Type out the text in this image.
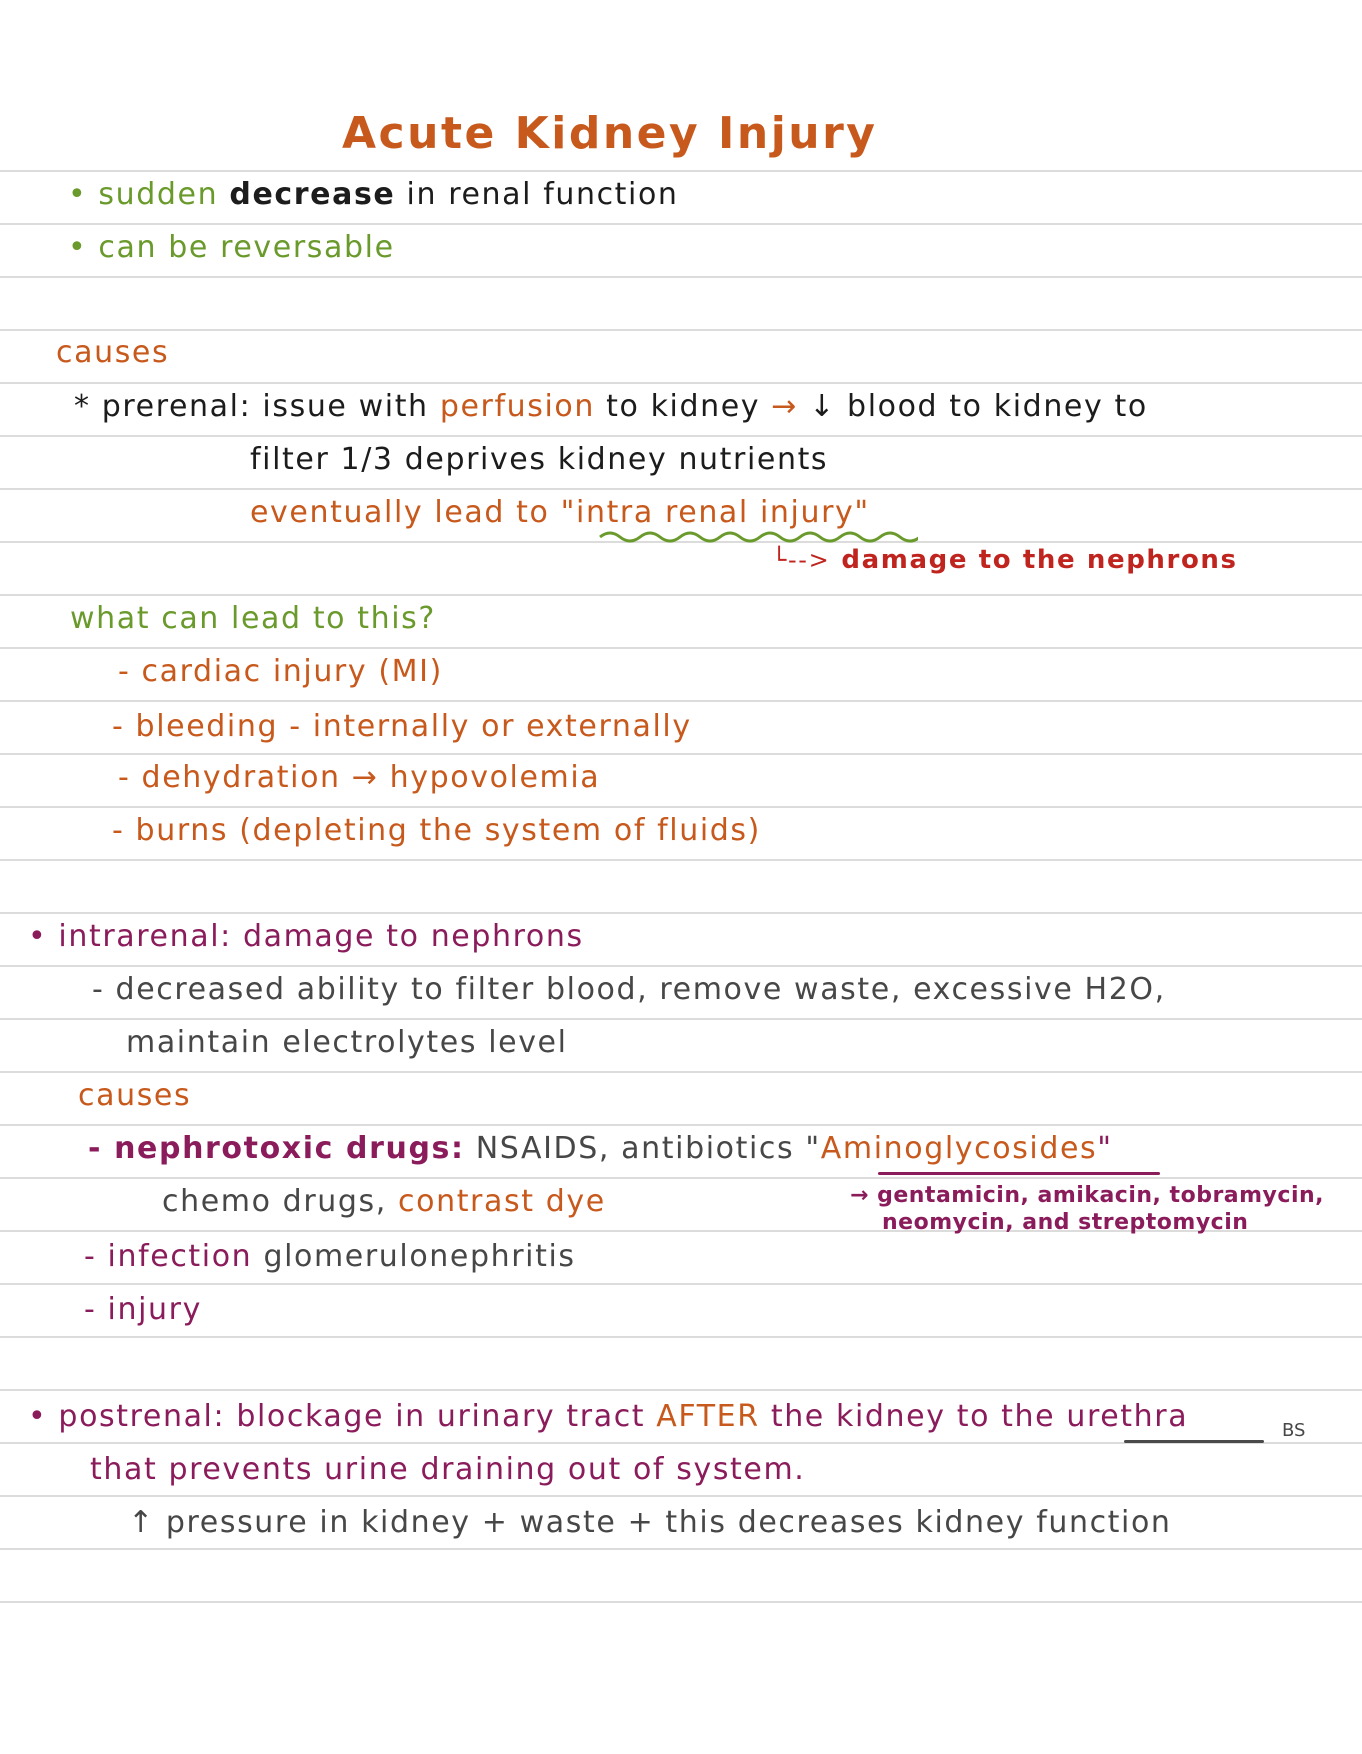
Acute Kidney Injury
• sudden decrease in renal function
• can be reversable
causes
* prerenal: issue with perfusion to kidney → ↓ blood to kidney to
filter 1/3 deprives kidney nutrients
eventually lead to "intra renal injury"
└--> damage to the nephrons
what can lead to this?
- cardiac injury (MI)
- bleeding - internally or externally
- dehydration → hypovolemia
- burns (depleting the system of fluids)
• intrarenal: damage to nephrons
- decreased ability to filter blood, remove waste, excessive H2O,
maintain electrolytes level
causes
- nephrotoxic drugs: NSAIDS, antibiotics "Aminoglycosides"
chemo drugs, contrast dye	→ gentamicin, amikacin, tobramycin,
neomycin, and streptomycin
- infection glomerulonephritis
- injury
• postrenal: blockage in urinary tract AFTER the kidney to the urethra	BS
that prevents urine draining out of system.
↑ pressure in kidney + waste + this decreases kidney function
